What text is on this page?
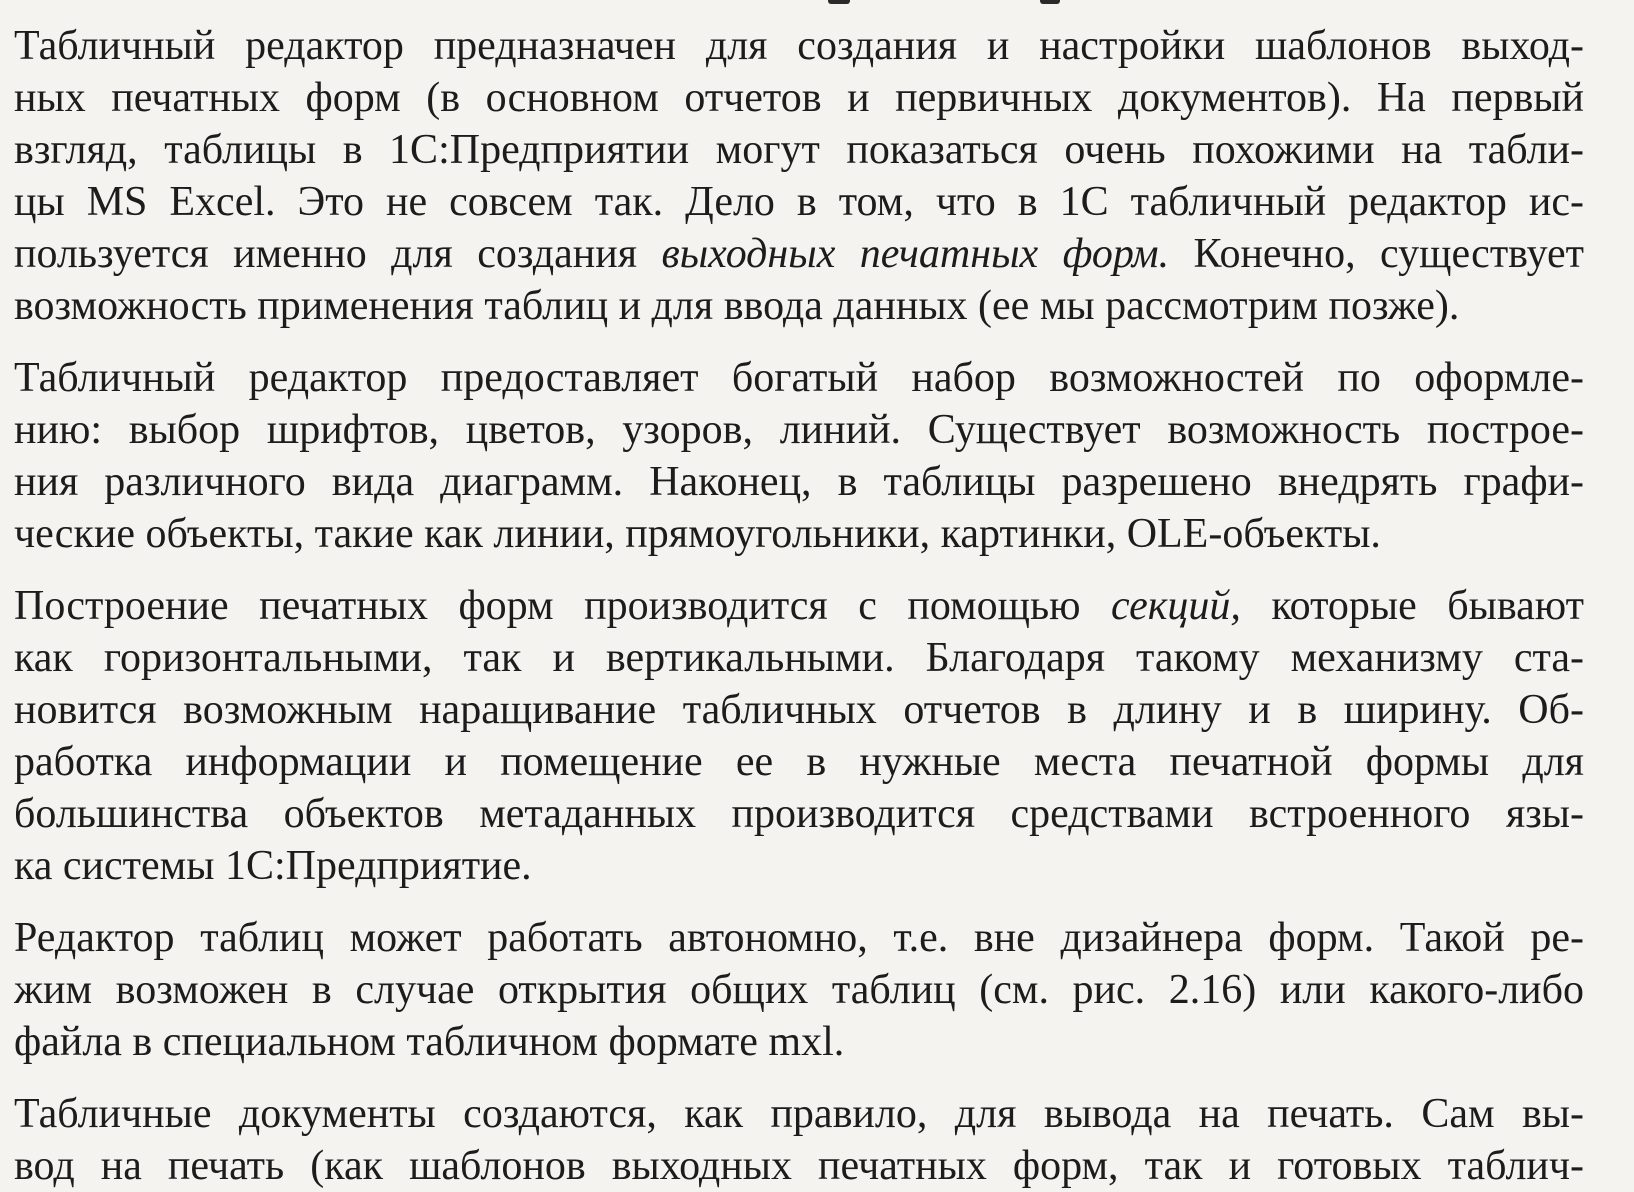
Табличный редактор предназначен для создания и настройки шаблонов выход-
ных печатных форм (в основном отчетов и первичных документов). На первый
взгляд, таблицы в 1С:Предприятии могут показаться очень похожими на табли-
цы MS Excel. Это не совсем так. Дело в том, что в 1С табличный редактор ис-
пользуется именно для создания выходных печатных форм. Конечно, существует
возможность применения таблиц и для ввода данных (ее мы рассмотрим позже).

Табличный редактор предоставляет богатый набор возможностей по оформле-
нию: выбор шрифтов, цветов, узоров, линий. Существует возможность построе-
ния различного вида диаграмм. Наконец, в таблицы разрешено внедрять графи-
ческие объекты, такие как линии, прямоугольники, картинки, OLE-объекты.

Построение печатных форм производится с помощью секций, которые бывают
как горизонтальными, так и вертикальными. Благодаря такому механизму ста-
новится возможным наращивание табличных отчетов в длину и в ширину. Об-
работка информации и помещение ее в нужные места печатной формы для
большинства объектов метаданных производится средствами встроенного язы-
ка системы 1С:Предприятие.

Редактор таблиц может работать автономно, т.е. вне дизайнера форм. Такой ре-
жим возможен в случае открытия общих таблиц (см. рис. 2.16) или какого-либо
файла в специальном табличном формате mxl.

Табличные документы создаются, как правило, для вывода на печать. Сам вы-
вод на печать (как шаблонов выходных печатных форм, так и готовых таблич-
